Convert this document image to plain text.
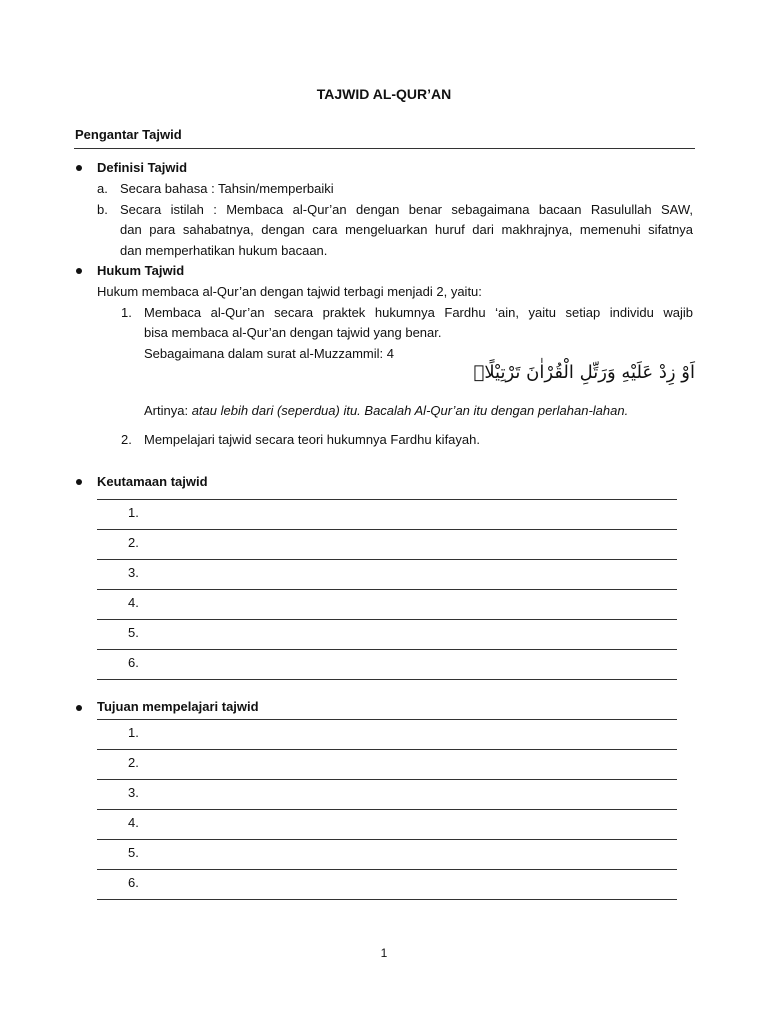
TAJWID AL-QUR’AN
Pengantar Tajwid
Definisi Tajwid
a. Secara bahasa : Tahsin/memperbaiki
b. Secara istilah : Membaca al-Qur’an dengan benar sebagaimana bacaan Rasulullah SAW,
dan para sahabatnya, dengan cara mengeluarkan huruf dari makhrajnya, memenuhi sifatnya
dan memperhatikan hukum bacaan.
Hukum Tajwid
Hukum membaca al-Qur’an dengan tajwid terbagi menjadi 2, yaitu:
1. Membaca al-Qur’an secara praktek hukumnya Fardhu ‘ain, yaitu setiap individu wajib
bisa membaca al-Qur’an dengan tajwid yang benar.
Sebagaimana dalam surat al-Muzzammil: 4
اَوْ زِدْ عَلَيْهِ وَرَتِّلِ الْقُرْاٰنَ تَرْتِيْلًاۗ
Artinya: atau lebih dari (seperdua) itu. Bacalah Al-Qur’an itu dengan perlahan-lahan.
2. Mempelajari tajwid secara teori hukumnya Fardhu kifayah.
Keutamaan tajwid
1.
2.
3.
4.
5.
6.
Tujuan mempelajari tajwid
1.
2.
3.
4.
5.
6.
1
